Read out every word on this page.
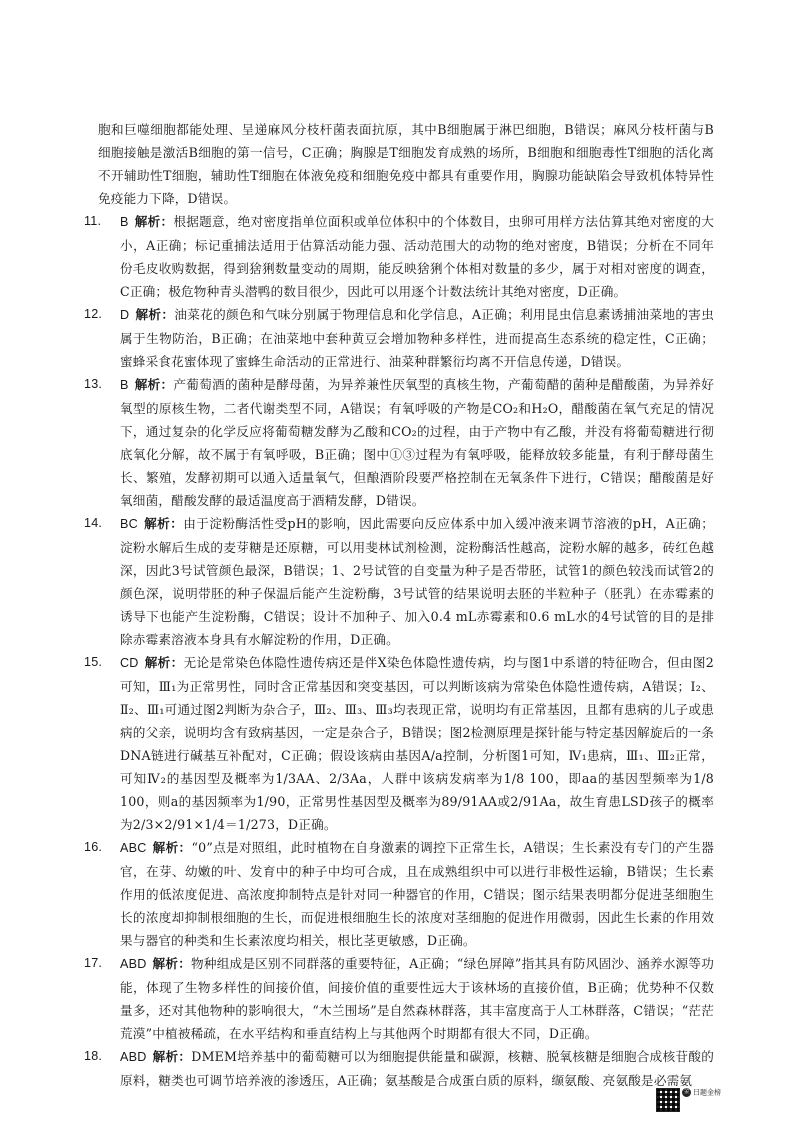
胞和巨噬细胞都能处理、呈递麻风分枝杆菌表面抗原，其中B细胞属于淋巴细胞，B错误；麻风分枝杆菌与B细胞接触是激活B细胞的第一信号，C正确；胸腺是T细胞发育成熟的场所，B细胞和细胞毒性T细胞的活化离不开辅助性T细胞，辅助性T细胞在体液免疫和细胞免疫中都具有重要作用，胸腺功能缺陷会导致机体特异性免疫能力下降，D错误。
11. B 解析：根据题意，绝对密度指单位面积或单位体积中的个体数目，虫卵可用样方法估算其绝对密度的大小，A正确；标记重捕法适用于估算活动能力强、活动范围大的动物的绝对密度，B错误；分析在不同年份毛皮收购数据，得到猞猁数量变动的周期，能反映猞猁个体相对数量的多少，属于对相对密度的调查，C正确；极危物种青头潜鸭的数目很少，因此可以用逐个计数法统计其绝对密度，D正确。
12. D 解析：油菜花的颜色和气味分别属于物理信息和化学信息，A正确；利用昆虫信息素诱捕油菜地的害虫属于生物防治，B正确；在油菜地中套种黄豆会增加物种多样性，进而提高生态系统的稳定性，C正确；蜜蜂采食花蜜体现了蜜蜂生命活动的正常进行、油菜种群繁衍均离不开信息传递，D错误。
13. B 解析：产葡萄酒的菌种是酵母菌，为异养兼性厌氧型的真核生物，产葡萄醋的菌种是醋酸菌，为异养好氧型的原核生物，二者代谢类型不同，A错误；有氧呼吸的产物是CO₂和H₂O，醋酸菌在氧气充足的情况下，通过复杂的化学反应将葡萄糖发酵为乙酸和CO₂的过程，由于产物中有乙酸，并没有将葡萄糖进行彻底氧化分解，故不属于有氧呼吸，B正确；图中①③过程为有氧呼吸，能释放较多能量，有利于酵母菌生长、繁殖，发酵初期可以通入适量氧气，但酿酒阶段要严格控制在无氧条件下进行，C错误；醋酸菌是好氧细菌，醋酸发酵的最适温度高于酒精发酵，D错误。
14. BC 解析：由于淀粉酶活性受pH的影响，因此需要向反应体系中加入缓冲液来调节溶液的pH，A正确；淀粉水解后生成的麦芽糖是还原糖，可以用斐林试剂检测，淀粉酶活性越高，淀粉水解的越多，砖红色越深，因此3号试管颜色最深，B错误；1、2号试管的自变量为种子是否带胚，试管1的颜色较浅而试管2的颜色深，说明带胚的种子保温后能产生淀粉酶，3号试管的结果说明去胚的半粒种子（胚乳）在赤霉素的诱导下也能产生淀粉酶，C错误；设计不加种子、加入0.4 mL赤霉素和0.6 mL水的4号试管的目的是排除赤霉素溶液本身具有水解淀粉的作用，D正确。
15. CD 解析：无论是常染色体隐性遗传病还是伴X染色体隐性遗传病，均与图1中系谱的特征吻合，但由图2可知，Ⅲ₁为正常男性，同时含正常基因和突变基因，可以判断该病为常染色体隐性遗传病，A错误；Ⅰ₂、Ⅱ₂、Ⅲ₁可通过图2判断为杂合子，Ⅲ₂、Ⅲ₃、Ⅲ₃均表现正常，说明均有正常基因，且都有患病的儿子或患病的父亲，说明均含有致病基因，一定是杂合子，B错误；图2检测原理是探针能与特定基因解旋后的一条DNA链进行碱基互补配对，C正确；假设该病由基因A/a控制，分析图1可知，Ⅳ₁患病，Ⅲ₁、Ⅲ₂正常，可知Ⅳ₂的基因型及概率为1/3AA、2/3Aa，人群中该病发病率为1/8 100，即aa的基因型频率为1/8 100，则a的基因频率为1/90，正常男性基因型及概率为89/91AA或2/91Aa，故生育患LSD孩子的概率为2/3×2/91×1/4＝1/273，D正确。
16. ABC 解析：“0”点是对照组，此时植物在自身激素的调控下正常生长，A错误；生长素没有专门的产生器官，在芽、幼嫩的叶、发育中的种子中均可合成，且在成熟组织中可以进行非极性运输，B错误；生长素作用的低浓度促进、高浓度抑制特点是针对同一种器官的作用，C错误；图示结果表明都分促进茎细胞生长的浓度却抑制根细胞的生长，而促进根细胞生长的浓度对茎细胞的促进作用微弱，因此生长素的作用效果与器官的种类和生长素浓度均相关，根比茎更敏感，D正确。
17. ABD 解析：物种组成是区别不同群落的重要特征，A正确；“绿色屏障”指其具有防风固沙、涵养水源等功能，体现了生物多样性的间接价值，间接价值的重要性远大于该林场的直接价值，B正确；优势种不仅数量多，还对其他物种的影响很大，“木兰围场”是自然森林群落，其丰富度高于人工林群落，C错误；“茫茫荒漠”中植被稀疏，在水平结构和垂直结构上与其他两个时期都有很大不同，D正确。
18. ABD 解析：DMEM培养基中的葡萄糖可以为细胞提供能量和碳源，核糖、脱氧核糖是细胞合成核苷酸的原料，糖类也可调节培养液的渗透压，A正确；氨基酸是合成蛋白质的原料，缬氨酸、亮氨酸是必需氨
金 曰题金榜
